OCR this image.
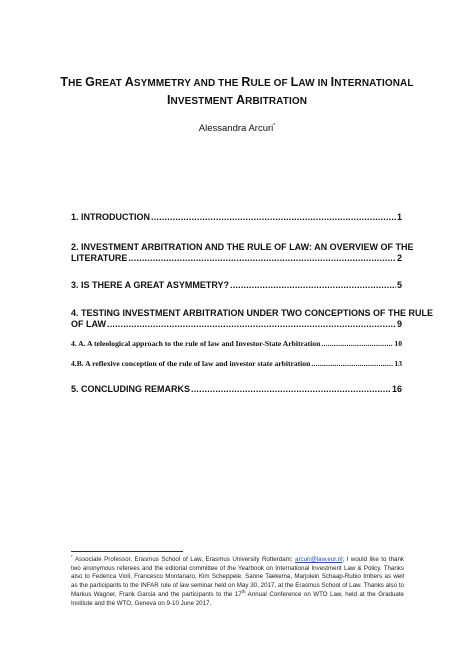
THE GREAT ASYMMETRY AND THE RULE OF LAW IN INTERNATIONAL
INVESTMENT ARBITRATION
Alessandra Arcuri*
1. INTRODUCTION .....	1
2. INVESTMENT ARBITRATION AND THE RULE OF LAW: AN OVERVIEW OF THE
LITERATURE .....	2
3. IS THERE A GREAT ASYMMETRY? .....	5
4. TESTING INVESTMENT ARBITRATION UNDER TWO CONCEPTIONS OF THE RULE
OF LAW .....	9
4. A. A teleological approach to the rule of law and Investor-State Arbitration .....	10
4.B. A reflexive conception of the rule of law and investor state arbitration .....	13
5. CONCLUDING REMARKS .....	16
* Associate Professor, Erasmus School of Law, Erasmus University Rotterdam; arcuri@law.eur.nl; I would like to thank two anonymous referees and the editorial committee of the Yearbook on International Investment Law & Policy. Thanks also to Federica Violi, Francesco Montanaro, Kim Scheppele, Sanne Taekema, Marjolein Schaap-Rubio Imbers as well as the participants to the INFAR rule of law seminar held on May 30, 2017, at the Erasmus School of Law. Thanks also to Markus Wagner, Frank Garcia and the participants to the 17th Annual Conference on WTO Law, held at the Graduate Institute and the WTO, Geneva on 9-10 June 2017.
